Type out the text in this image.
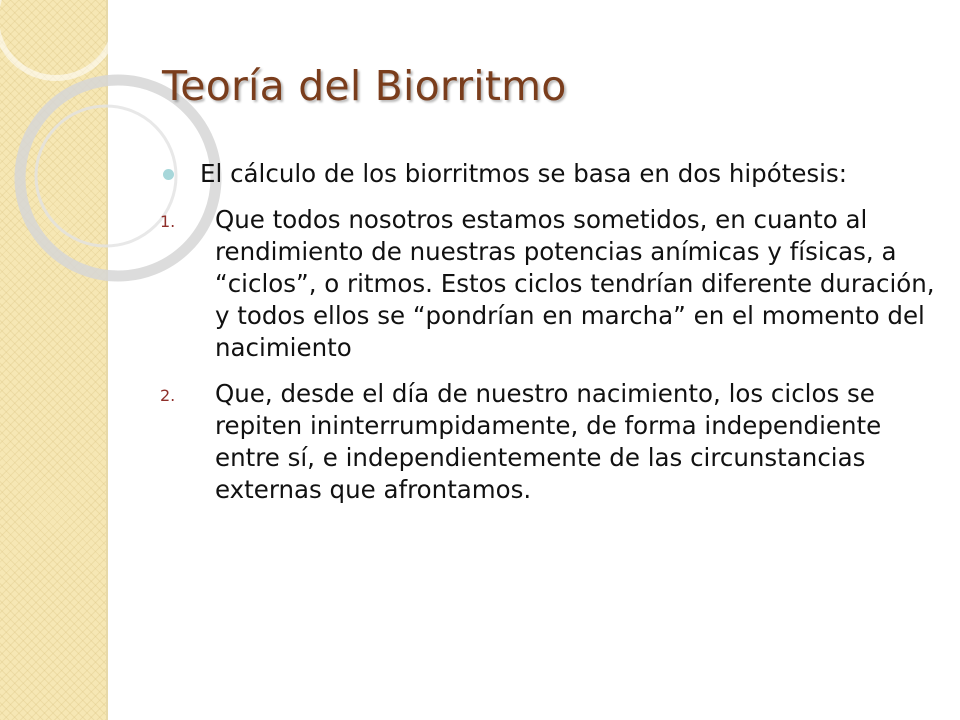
Teoría del Biorritmo
El cálculo de los biorritmos se basa en dos hipótesis:
1. Que todos nosotros estamos sometidos, en cuanto al rendimiento de nuestras potencias anímicas y físicas, a “ciclos”, o ritmos. Estos ciclos tendrían diferente duración, y todos ellos se “pondrían en marcha” en el momento del nacimiento
2. Que, desde el día de nuestro nacimiento, los ciclos se repiten ininterrumpidamente, de forma independiente entre sí, e independientemente de las circunstancias externas que afrontamos.
